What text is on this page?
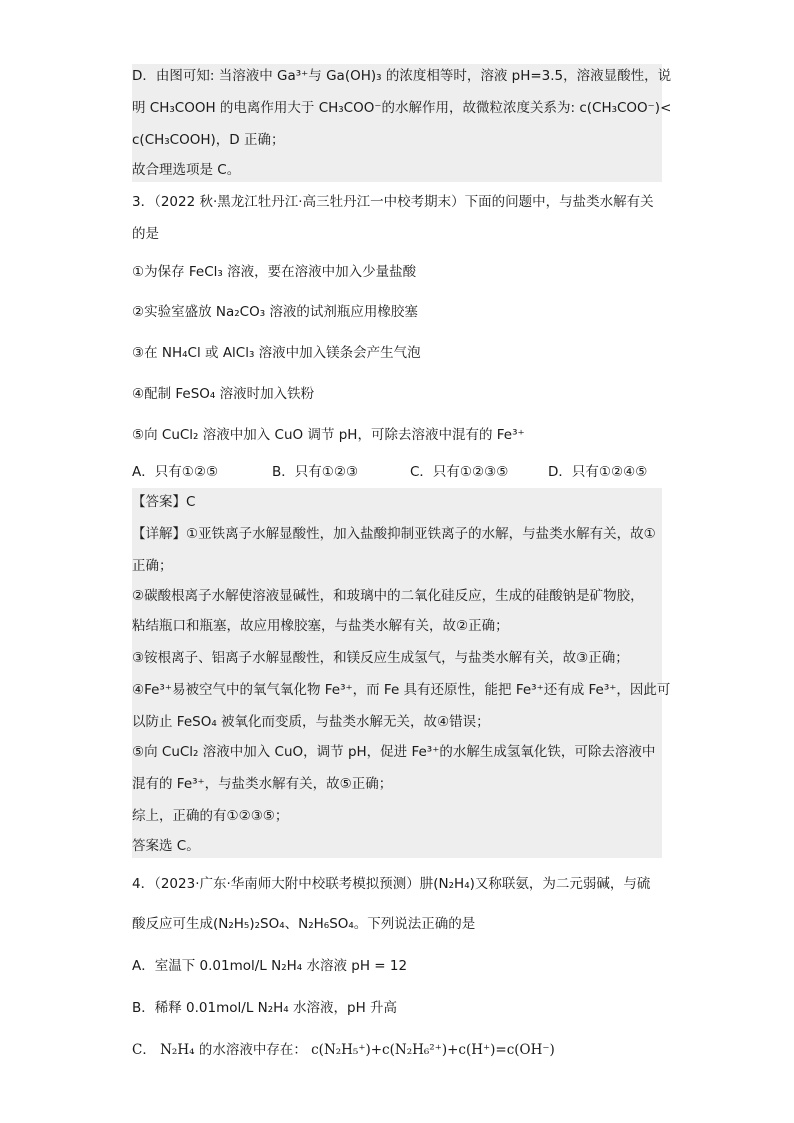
D．由图可知: 当溶液中 Ga³⁺与 Ga(OH)₃ 的浓度相等时，溶液 pH=3.5，溶液显酸性，说
明 CH₃COOH 的电离作用大于 CH₃COO⁻的水解作用，故微粒浓度关系为: c(CH₃COO⁻)<
c(CH₃COOH)，D 正确；
故合理选项是 C。
3．（2022 秋·黑龙江牡丹江·高三牡丹江一中校考期末）下面的问题中，与盐类水解有关
的是
①为保存 FeCl₃ 溶液，要在溶液中加入少量盐酸
②实验室盛放 Na₂CO₃ 溶液的试剂瓶应用橡胶塞
③在 NH₄Cl 或 AlCl₃ 溶液中加入镁条会产生气泡
④配制 FeSO₄ 溶液时加入铁粉
⑤向 CuCl₂ 溶液中加入 CuO 调节 pH，可除去溶液中混有的 Fe³⁺
A．只有①②⑤	B．只有①②③	C．只有①②③⑤	D．只有①②④⑤
【答案】C
【详解】①亚铁离子水解显酸性，加入盐酸抑制亚铁离子的水解，与盐类水解有关，故①
正确；
②碳酸根离子水解使溶液显碱性，和玻璃中的二氧化硅反应，生成的硅酸钠是矿物胶，
粘结瓶口和瓶塞，故应用橡胶塞，与盐类水解有关，故②正确；
③铵根离子、铝离子水解显酸性，和镁反应生成氢气，与盐类水解有关，故③正确；
④Fe³⁺易被空气中的氧气氧化物 Fe³⁺，而 Fe 具有还原性，能把 Fe³⁺还有成 Fe³⁺，因此可
以防止 FeSO₄ 被氧化而变质，与盐类水解无关，故④错误；
⑤向 CuCl₂ 溶液中加入 CuO，调节 pH，促进 Fe³⁺的水解生成氢氧化铁，可除去溶液中
混有的 Fe³⁺，与盐类水解有关，故⑤正确；
综上，正确的有①②③⑤；
答案选 C。
4．（2023·广东·华南师大附中校联考模拟预测）肼(N₂H₄)又称联氨，为二元弱碱，与硫
酸反应可生成(N₂H₅)₂SO₄、N₂H₆SO₄。下列说法正确的是
A．室温下 0.01mol/L N₂H₄ 水溶液 pH = 12
B．稀释 0.01mol/L N₂H₄ 水溶液，pH 升高
C． N₂H₄ 的水溶液中存在： c(N₂H₅⁺)+c(N₂H₆²⁺)+c(H⁺)=c(OH⁻)
